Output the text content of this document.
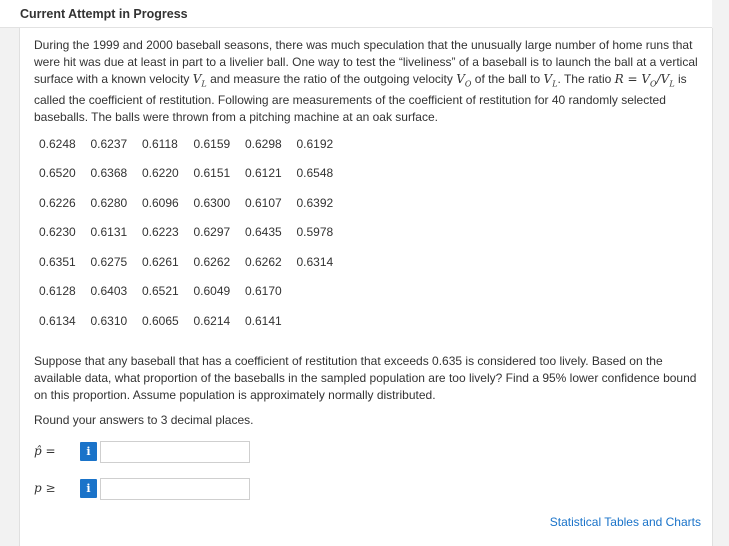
Current Attempt in Progress
During the 1999 and 2000 baseball seasons, there was much speculation that the unusually large number of home runs that were hit was due at least in part to a livelier ball. One way to test the “liveliness” of a baseball is to launch the ball at a vertical surface with a known velocity $V_L$ and measure the ratio of the outgoing velocity $V_O$ of the ball to $V_L$. The ratio $R = V_O/V_L$ is called the coefficient of restitution. Following are measurements of the coefficient of restitution for 40 randomly selected baseballs. The balls were thrown from a pitching machine at an oak surface.
0.6248 0.6237 0.6118 0.6159 0.6298 0.6192
0.6520 0.6368 0.6220 0.6151 0.6121 0.6548
0.6226 0.6280 0.6096 0.6300 0.6107 0.6392
0.6230 0.6131 0.6223 0.6297 0.6435 0.5978
0.6351 0.6275 0.6261 0.6262 0.6262 0.6314
0.6128 0.6403 0.6521 0.6049 0.6170
0.6134 0.6310 0.6065 0.6214 0.6141
Suppose that any baseball that has a coefficient of restitution that exceeds 0.635 is considered too lively. Based on the available data, what proportion of the baseballs in the sampled population are too lively? Find a 95% lower confidence bound on this proportion. Assume population is approximately normally distributed.
Round your answers to 3 decimal places.
p̂ =	i
p ≥	i
Statistical Tables and Charts
